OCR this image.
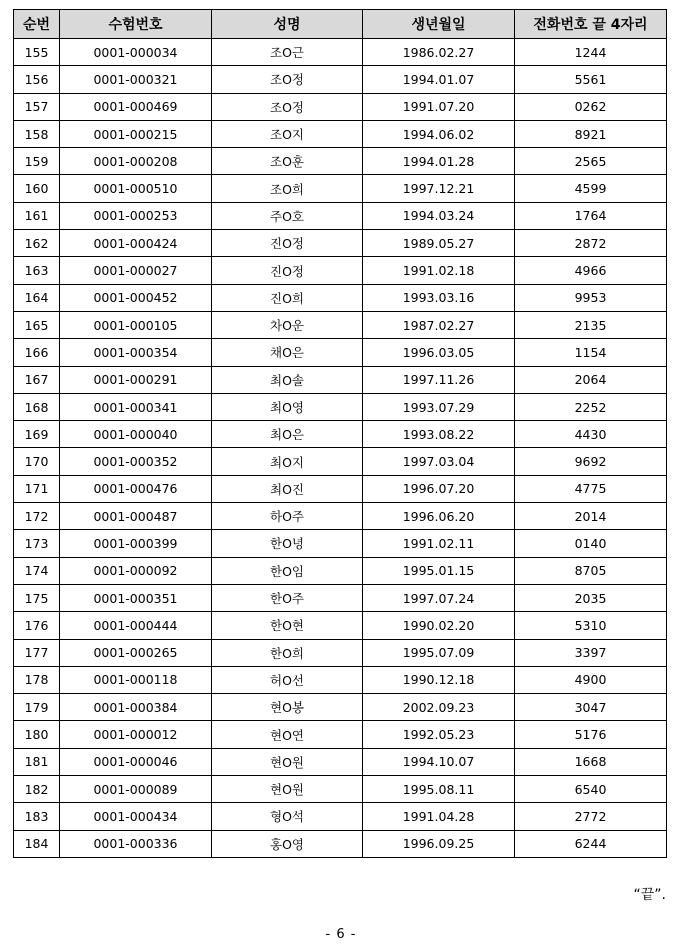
순번	수험번호	성명	생년월일	전화번호 끝 4자리
155	0001-000034	조O근	1986.02.27	1244
156	0001-000321	조O정	1994.01.07	5561
157	0001-000469	조O정	1991.07.20	0262
158	0001-000215	조O지	1994.06.02	8921
159	0001-000208	조O훈	1994.01.28	2565
160	0001-000510	조O희	1997.12.21	4599
161	0001-000253	주O호	1994.03.24	1764
162	0001-000424	진O정	1989.05.27	2872
163	0001-000027	진O정	1991.02.18	4966
164	0001-000452	진O희	1993.03.16	9953
165	0001-000105	차O운	1987.02.27	2135
166	0001-000354	채O은	1996.03.05	1154
167	0001-000291	최O솔	1997.11.26	2064
168	0001-000341	최O영	1993.07.29	2252
169	0001-000040	최O은	1993.08.22	4430
170	0001-000352	최O지	1997.03.04	9692
171	0001-000476	최O진	1996.07.20	4775
172	0001-000487	하O주	1996.06.20	2014
173	0001-000399	한O녕	1991.02.11	0140
174	0001-000092	한O임	1995.01.15	8705
175	0001-000351	한O주	1997.07.24	2035
176	0001-000444	한O현	1990.02.20	5310
177	0001-000265	한O희	1995.07.09	3397
178	0001-000118	허O선	1990.12.18	4900
179	0001-000384	현O봉	2002.09.23	3047
180	0001-000012	현O연	1992.05.23	5176
181	0001-000046	현O원	1994.10.07	1668
182	0001-000089	현O원	1995.08.11	6540
183	0001-000434	형O석	1991.04.28	2772
184	0001-000336	홍O영	1996.09.25	6244
“끝”.
- 6 -
